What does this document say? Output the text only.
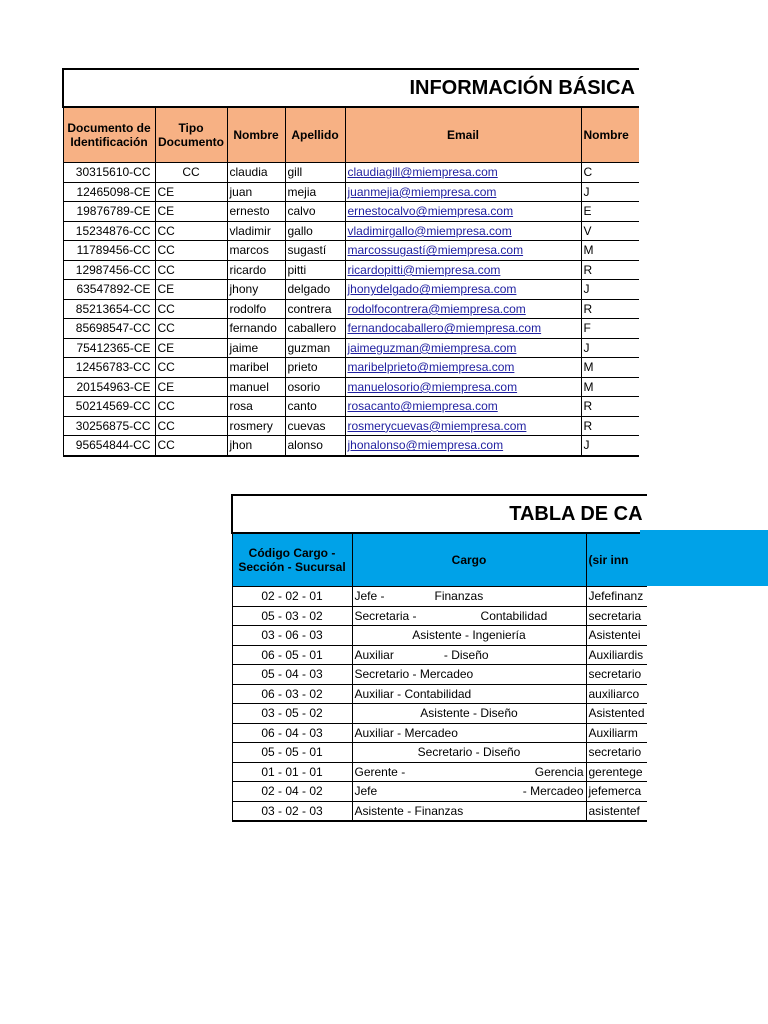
INFORMACIÓN BÁSICA					
Documento de Identificación	Tipo Documento	Nombre	Apellido	Email	Nombre
30315610-CC	CC	claudia	gill	claudiagill@miempresa.com	C
12465098-CE	CE	juan	mejia	juanmejia@miempresa.com	J
19876789-CE	CE	ernesto	calvo	ernestocalvo@miempresa.com	E
15234876-CC	CC	vladimir	gallo	vladimirgallo@miempresa.com	V
11789456-CC	CC	marcos	sugastí	marcossugastí@miempresa.com	M
12987456-CC	CC	ricardo	pitti	ricardopitti@miempresa.com	R
63547892-CE	CE	jhony	delgado	jhonydelgado@miempresa.com	J
85213654-CC	CC	rodolfo	contrera	rodolfocontrera@miempresa.com	R
85698547-CC	CC	fernando	caballero	fernandocaballero@miempresa.com	F
75412365-CE	CE	jaime	guzman	jaimeguzman@miempresa.com	J
12456783-CC	CC	maribel	prieto	maribelprieto@miempresa.com	M
20154963-CE	CE	manuel	osorio	manuelosorio@miempresa.com	M
50214569-CC	CC	rosa	canto	rosacanto@miempresa.com	R
30256875-CC	CC	rosmery	cuevas	rosmerycuevas@miempresa.com	R
95654844-CC	CC	jhon	alonso	jhonalonso@miempresa.com	J
TABLA DE CA		
Código Cargo - Sección - Sucursal	Cargo	(sir inn
02 - 02 - 01	Jefe - Finanzas	Jefefinanz
05 - 03 - 02	Secretaria - Contabilidad	secretaria
03 - 06 - 03	Asistente - Ingeniería	Asistentei
06 - 05 - 01	Auxiliar - Diseño	Auxiliardis
05 - 04 - 03	Secretario - Mercadeo	secretario
06 - 03 - 02	Auxiliar - Contabilidad	auxiliarco
03 - 05 - 02	Asistente - Diseño	Asistented
06 - 04 - 03	Auxiliar - Mercadeo	Auxiliarm
05 - 05 - 01	Secretario - Diseño	secretario
01 - 01 - 01	Gerente - Gerencia	gerentege
02 - 04 - 02	Jefe - Mercadeo	jefemerca
03 - 02 - 03	Asistente - Finanzas	asistentef
